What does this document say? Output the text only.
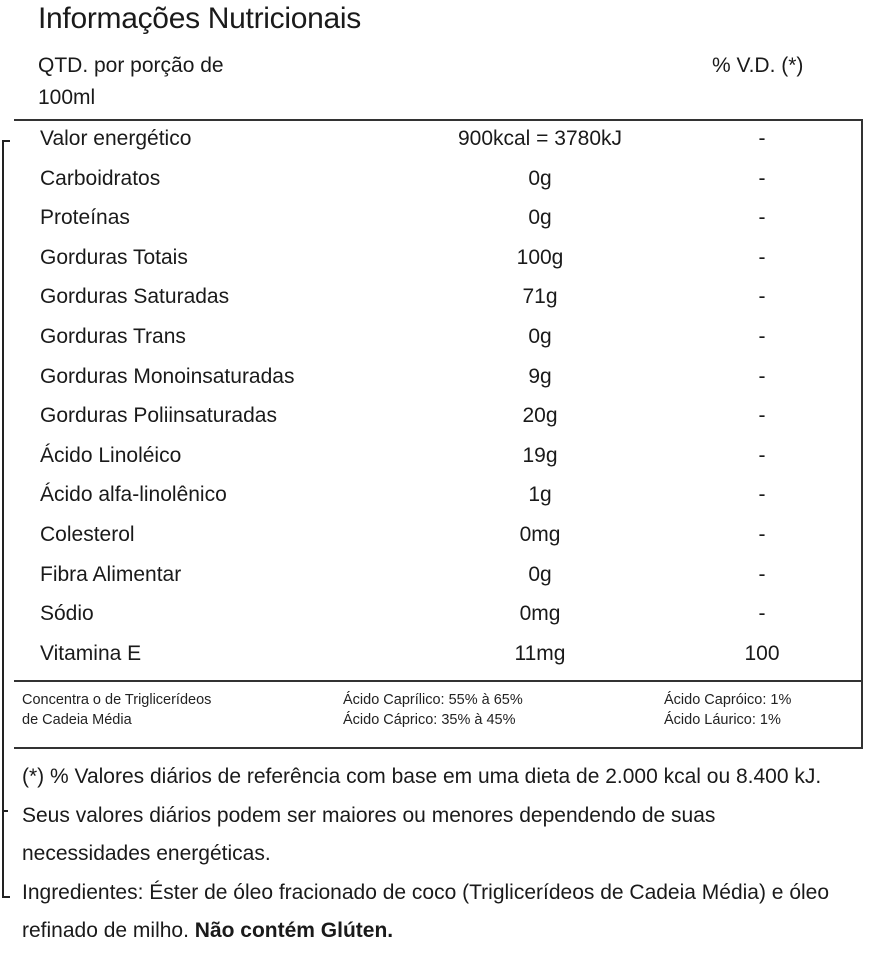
Informações Nutricionais
QTD. por porção de
100ml
% V.D. (*)
Valor energético	900kcal = 3780kJ	-
Carboidratos	0g	-
Proteínas	0g	-
Gorduras Totais	100g	-
Gorduras Saturadas	71g	-
Gorduras Trans	0g	-
Gorduras Monoinsaturadas	9g	-
Gorduras Poliinsaturadas	20g	-
Ácido Linoléico	19g	-
Ácido alfa-linolênico	1g	-
Colesterol	0mg	-
Fibra Alimentar	0g	-
Sódio	0mg	-
Vitamina E	11mg	100
Concentra o de Triglicerídeos
de Cadeia Média
Ácido Caprílico: 55% à 65%
Ácido Cáprico: 35% à 45%
Ácido Capróico: 1%
Ácido Láurico: 1%
(*) % Valores diários de referência com base em uma dieta de 2.000 kcal ou 8.400 kJ. Seus valores diários podem ser maiores ou menores dependendo de suas necessidades energéticas.
Ingredientes: Éster de óleo fracionado de coco (Triglicerídeos de Cadeia Média) e óleo refinado de milho. Não contém Glúten.
